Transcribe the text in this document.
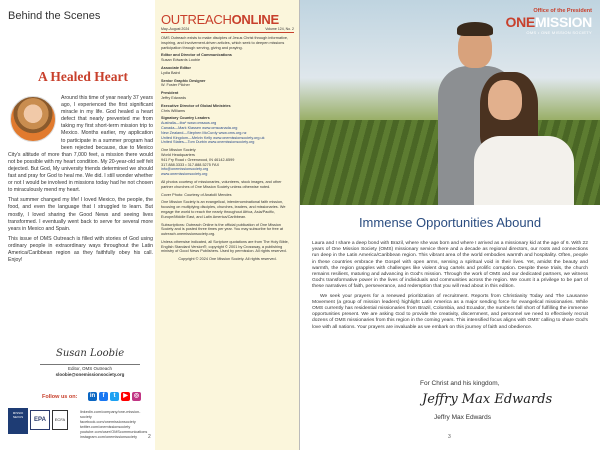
Behind the Scenes
A Healed Heart

Around this time of year nearly 37 years ago, I experienced the first significant miracle in my life. God healed a heart defect that nearly prevented me from taking my first short-term mission trip to Mexico. Months earlier, my application to participate in a summer program had been rejected because, due to Mexico City's altitude of more than 7,000 feet, a mission there would not be possible with my heart condition. My 20-year-old self felt dejected. But God, My university friends determined we should fast and pray for God to heal me. We did. I still wonder whether or not I would be involved in missions today had he not chosen to miraculously mend my heart.

That summer changed my life! I loved Mexico, the people, the food, and even the language that I struggled to learn. But mostly, I loved sharing the Good News and seeing lives transformed. I eventually went back to serve for several more years in Mexico and Spain.

This issue of OMS Outreach is filled with stories of God using ordinary people in extraordinary ways throughout the Latin America/Caribbean region as they faithfully obey his call. Enjoy!

Susan Loobie
Editor, OMS Outreach
sloobie@onemissionsociety.org
Follow us on:	in	f	t	▶	◎
MISSIO NEXUS	EPA	ECFA
linkedin.com/company/one-mission-society
facebook.com/onemissionsociety
twitter.com/onemissionsociety
youtube.com/user/OMScommunications
instagram.com/onemissionsociety
OUTREACHONLINE
May–August 2024	Volume 124, No. 2

OMS Outreach exists to make disciples of Jesus Christ through informative, inspiring, and involvement-driven articles, which seek to deepen missions participation through serving, giving and praying.

Editor and Director of Communications
Susan Edwards Loobie
Associate Editor
Lydia Baird
Senior Graphic Designer
W. Foster Pilcher
President
Jeffry Edwards
Executive Director of Global Ministries
Chris Williams
Signatory Country Leaders
Australia—tba* www.omsaus.org
Canada—Mark Klassen www.omscanada.org
New Zealand—Stephen McCurdy www.oms.org.nz
United Kingdom—Melvin Kelly www.onemissionsociety.org.uk
United States—Tom Durbin www.onemissionsociety.org
One Mission Society
World Headquarters
941 Fry Road • Greenwood, IN 46142-6599
317.888.3333 • 317.888.5275 FAX
info@onemissionsociety.org
www.onemissionsociety.org

All photos courtesy of missionaries, volunteers, stock images, and other partner churches of One Mission Society unless otherwise noted.

Cover Photo: Courtesy of Anatolii Mendes

One Mission Society is an evangelical, interdenominational faith mission, focusing on multiplying disciples, churches, leaders, and missionaries. We engage the world to reach the nearly throughout Africa, Asia/Pacific, Europe/Middle East, and Latin America/Caribbean.

Subscriptions: Outreach Online is the official publication of One Mission Society and is posted three times per year. You may subscribe for free at outreach.onemissionsociety.org.

Unless otherwise indicated, all Scripture quotations are from The Holy Bible, English Standard Version®, copyright © 2001 by Crossway, a publishing ministry of Good News Publishers. Used by permission. All rights reserved.

Copyright © 2024 One Mission Society. All rights reserved.

2
Office of the President
ONEMISSION
OMS • ONE MISSION SOCIETY
Immense Opportunities Abound

Laura and I share a deep bond with Brazil, where she was born and where I arrived as a missionary kid at the age of 6. With 22 years of One Mission Society (OMS) missionary service there and a decade as regional directors, our roots and connections run deep in the Latin America/Caribbean region. This vibrant area of the world embodies warmth and hospitality. Often, people in these countries embrace the Gospel with open arms, sensing a spiritual void in their lives. Yet, amidst the beauty and warmth, the region grapples with challenges like violent drug cartels and prolific corruption. Despite these trials, the church remains resilient, maturing and advancing in God's mission. Through the work of OMS and our dedicated partners, we witness God's transformative power in the lives of individuals and communities across the region. We count it a privilege to be part of these narratives of faith, perseverance, and redemption that you will read about in this edition.

We seek your prayers for a renewed prioritization of recruitment. Reports from Christianity Today and The Lausanne Movement (a group of mission leaders) highlight Latin America as a major sending force for evangelical missionaries. While OMS currently has residential missionaries from Brazil, Colombia, and Ecuador, the numbers fall short of fulfilling the immense opportunities present. We are asking God to provide the creativity, discernment, and personnel we need to effectively recruit dozens of OMS missionaries from this region in the coming years. This intensified focus aligns with OMS' calling to share God's love with all nations. Your prayers are invaluable as we embark on this journey of faith and obedience.

For Christ and his kingdom,
Jeffry Max Edwards
Jeffry Max Edwards
3
